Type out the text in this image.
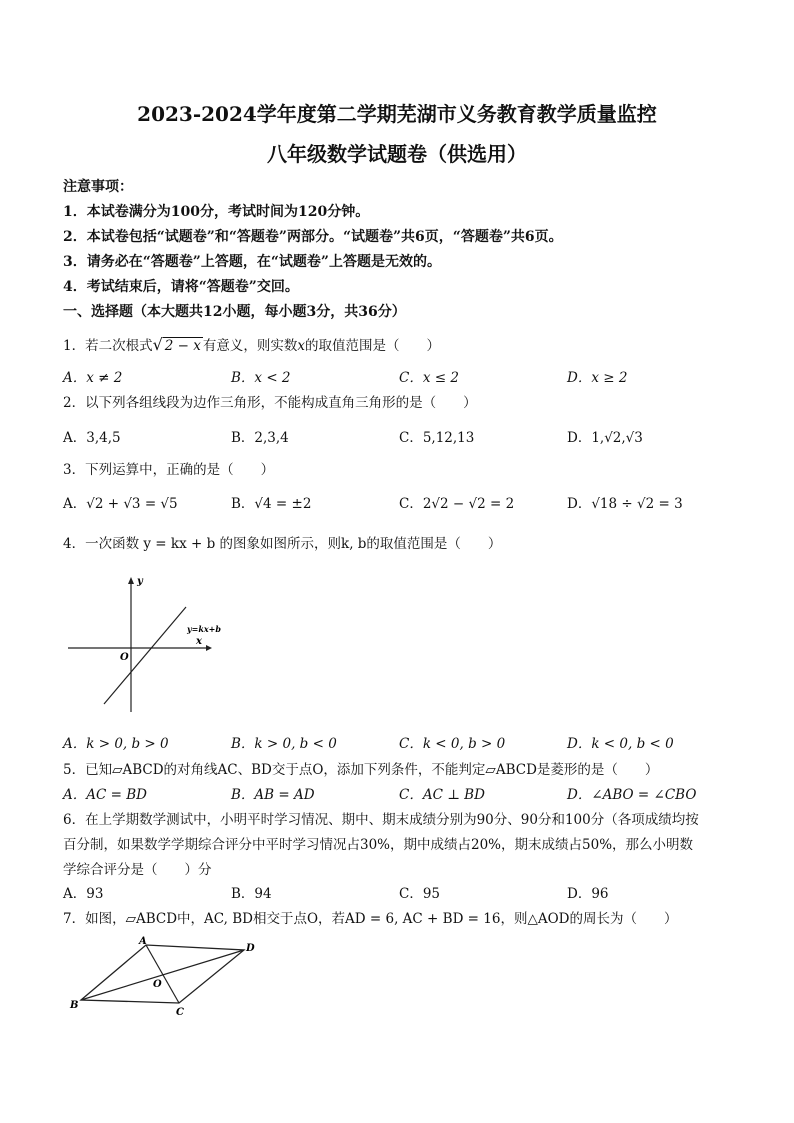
2023-2024学年度第二学期芜湖市义务教育教学质量监控
八年级数学试题卷（供选用）
注意事项：
1．本试卷满分为100分，考试时间为120分钟。
2．本试卷包括“试题卷”和“答题卷”两部分。“试题卷”共6页，“答题卷”共6页。
3．请务必在“答题卷”上答题，在“试题卷”上答题是无效的。
4．考试结束后，请将“答题卷”交回。
一、选择题（本大题共12小题，每小题3分，共36分）
1．若二次根式√ 2 − x 有意义，则实数x的取值范围是（　　）
A．x ≠ 2	B．x < 2	C．x ≤ 2	D．x ≥ 2
2．以下列各组线段为边作三角形，不能构成直角三角形的是（　　）
A．3,4,5	B．2,3,4	C．5,12,13	D．1,√2,√3
3．下列运算中，正确的是（　　）
A．√2 + √3 = √5	B．√4 = ±2	C．2√2 − √2 = 2	D．√18 ÷ √2 = 3
4．一次函数 y = kx + b 的图象如图所示，则k, b的取值范围是（　　）
y
x
O
y=kx+b
A．k > 0, b > 0	B．k > 0, b < 0	C．k < 0, b > 0	D．k < 0, b < 0
5．已知▱ABCD的对角线AC、BD交于点O，添加下列条件，不能判定▱ABCD是菱形的是（　　）
A．AC = BD	B．AB = AD	C．AC ⊥ BD	D．∠ABO = ∠CBO
6．在上学期数学测试中，小明平时学习情况、期中、期末成绩分别为90分、90分和100分（各项成绩均按
百分制，如果数学学期综合评分中平时学习情况占30%，期中成绩占20%，期末成绩占50%，那么小明数
学综合评分是（　　）分
A．93	B．94	C．95	D．96
7．如图，▱ABCD中，AC, BD相交于点O，若AD = 6, AC + BD = 16，则△AOD的周长为（　　）
A
B
C
D
O
